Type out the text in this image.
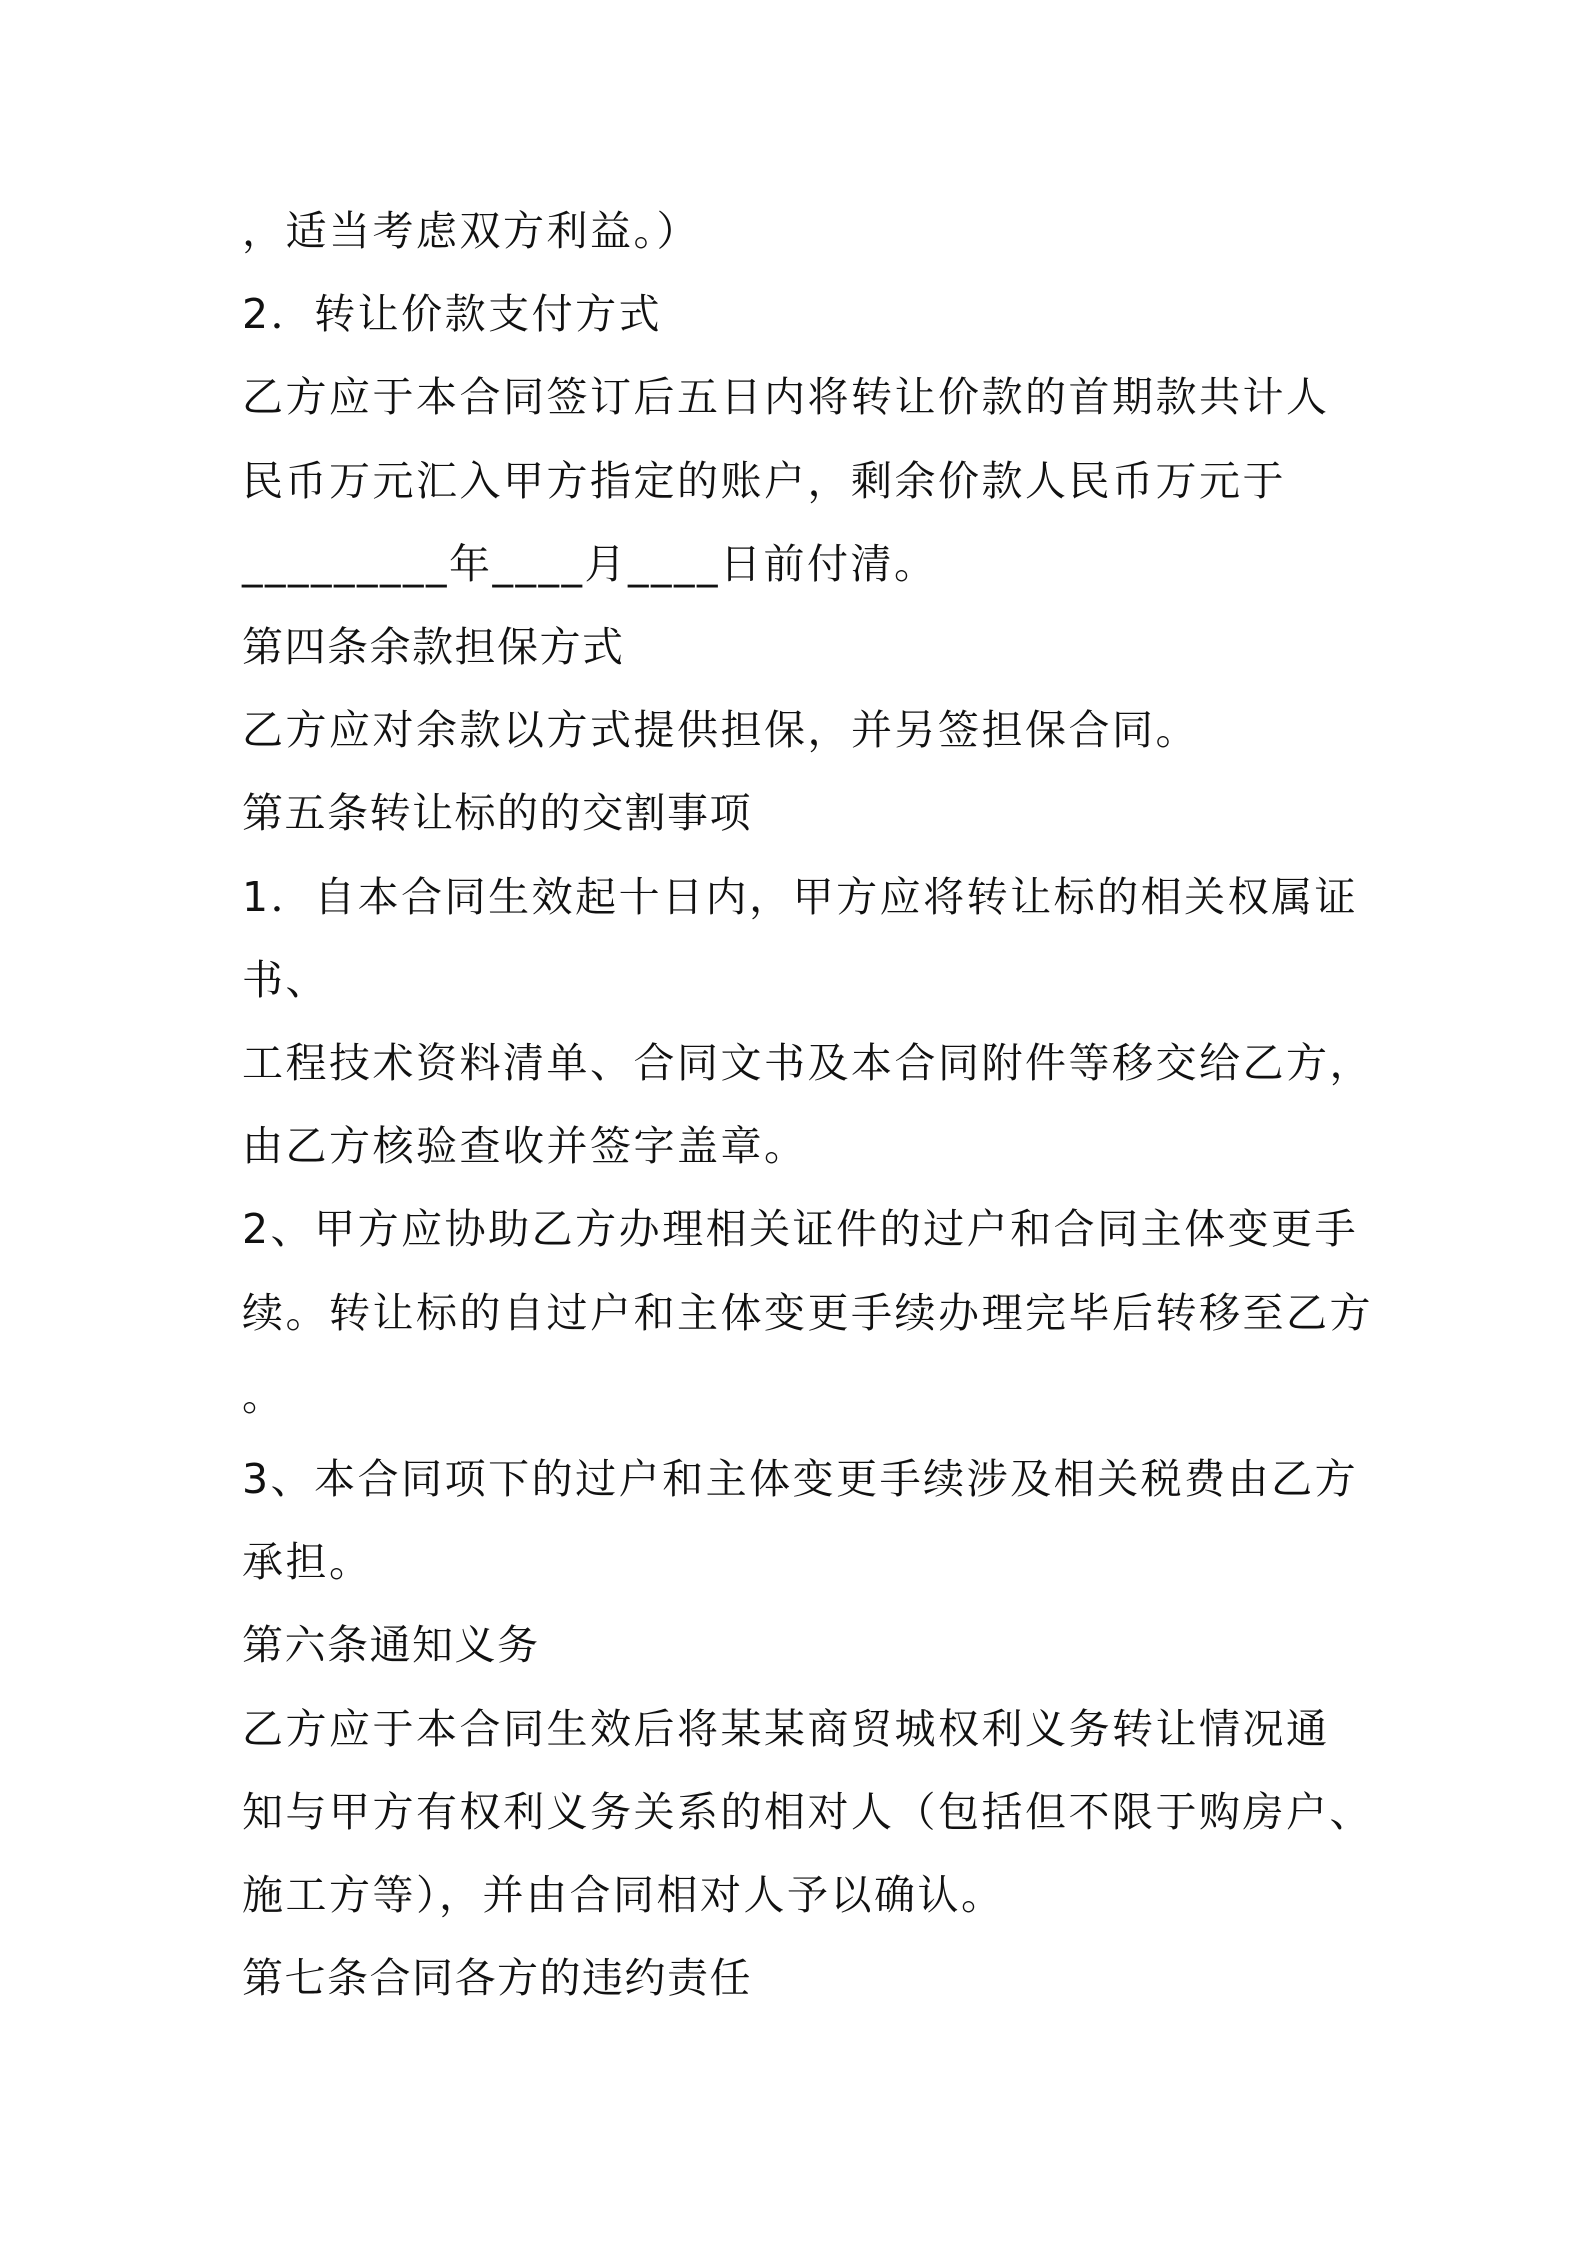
，适当考虑双方利益。）
2．转让价款支付方式
乙方应于本合同签订后五日内将转让价款的首期款共计人
民币万元汇入甲方指定的账户，剩余价款人民币万元于
_________年____月____日前付清。
第四条余款担保方式
乙方应对余款以方式提供担保，并另签担保合同。
第五条转让标的的交割事项
1．自本合同生效起十日内，甲方应将转让标的相关权属证
书、
工程技术资料清单、合同文书及本合同附件等移交给乙方，
由乙方核验查收并签字盖章。
2、甲方应协助乙方办理相关证件的过户和合同主体变更手
续。转让标的自过户和主体变更手续办理完毕后转移至乙方
。
3、本合同项下的过户和主体变更手续涉及相关税费由乙方
承担。
第六条通知义务
乙方应于本合同生效后将某某商贸城权利义务转让情况通
知与甲方有权利义务关系的相对人（包括但不限于购房户、
施工方等），并由合同相对人予以确认。
第七条合同各方的违约责任
